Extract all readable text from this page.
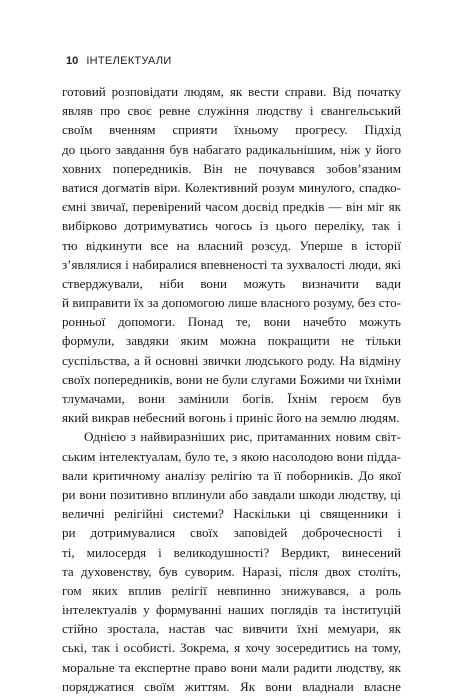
10 ІНТЕЛЕКТУАЛИ
готовий розповідати людям, як вести справи. Від початку
являв про своє ревне служіння людству і євангельський
своїм вченням сприяти їхньому прогресу. Підхід
до цього завдання був набагато радикальнішим, ніж у його
ховних попередників. Він не почувався зобов’язаним
ватися догматів віри. Колективний розум минулого, спадко-
ємні звичаї, перевірений часом досвід предків — він міг як
вибірково дотримуватись чогось із цього переліку, так і
тю відкинути все на власний розсуд. Уперше в історії
з’являлися і набиралися впевненості та зухвалості люди, які
стверджували, ніби вони можуть визначити вади
й виправити їх за допомогою лише власного розуму, без сто-
ронньої допомоги. Понад те, вони начебто можуть
формули, завдяки яким можна покращити не тільки
суспільства, а й основні звички людського роду. На відміну
своїх попередників, вони не були слугами Божими чи їхніми
тлумачами, вони замінили богів. Їхнім героєм був
який викрав небесний вогонь і приніс його на землю людям.
Однією з найвиразніших рис, притаманних новим світ-
ським інтелектуалам, було те, з якою насолодою вони підда-
вали критичному аналізу релігію та її поборників. До якої
ри вони позитивно вплинули або завдали шкоди людству, ці
величні релігійні системи? Наскільки ці священники і
ри дотримувалися своїх заповідей доброчесності і
ті, милосердя і великодушності? Вердикт, винесений
та духовенству, був суворим. Наразі, після двох століть,
гом яких вплив релігії невпинно знижувався, а роль
інтелектуалів у формуванні наших поглядів та інституцій
стійно зростала, настав час вивчити їхні мемуари, як
ські, так і особисті. Зокрема, я хочу зосередитись на тому,
моральне та експертне право вони мали радити людству, як
поряджатися своїм життям. Як вони владнали власне
